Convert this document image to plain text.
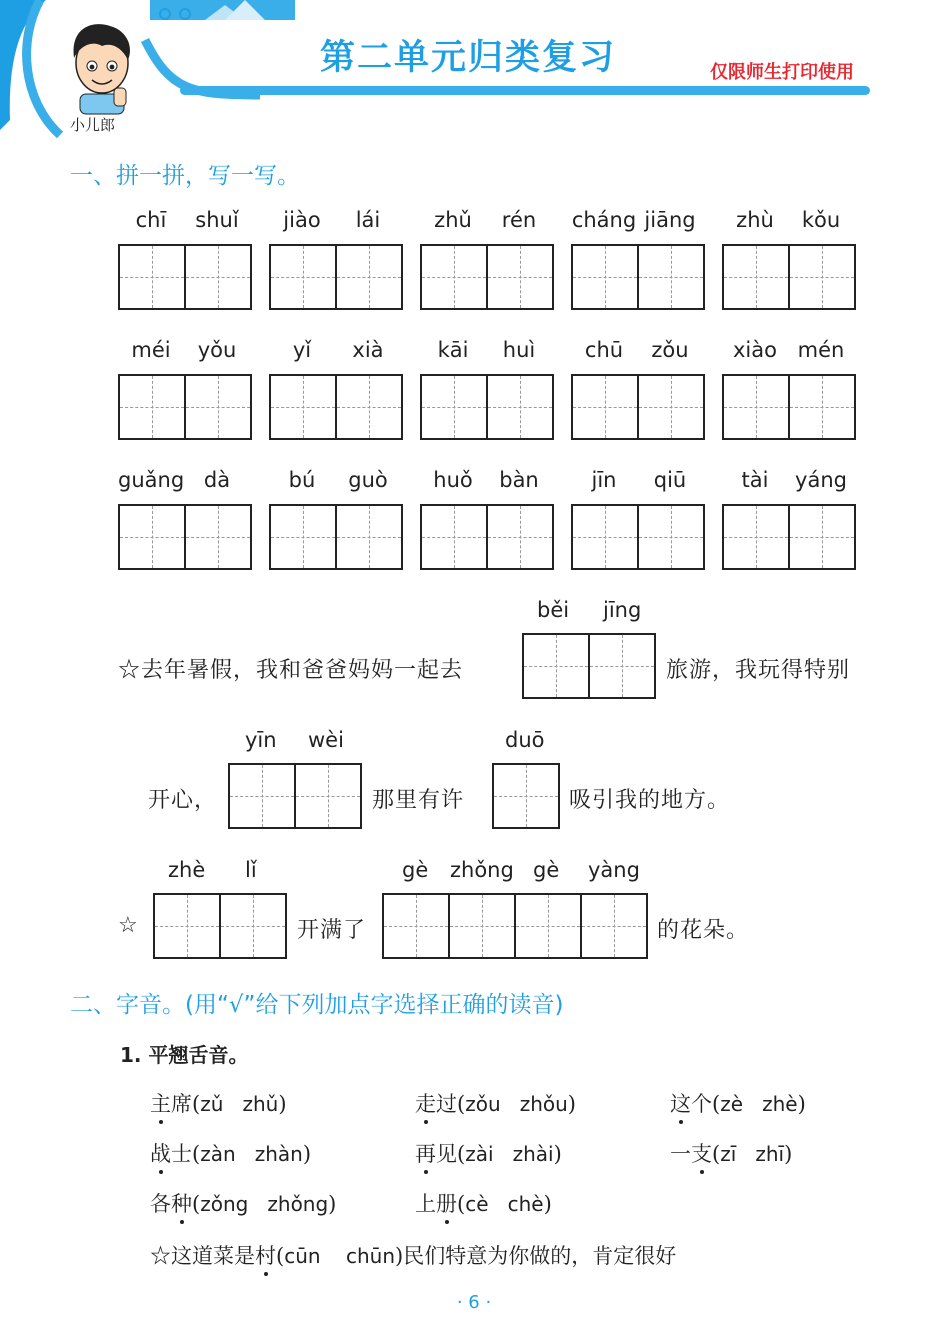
小儿郎
第二单元归类复习	仅限师生打印使用
一、拼一拼，写一写。
chī	shuǐ	jiào	lái	zhǔ	rén	cháng jiāng	zhù	kǒu
méi	yǒu	yǐ	xià	kāi	huì	chū	zǒu	xiào mén
guǎng dà	bú	guò	huǒ	bàn	jīn	qiū	tài	yáng
běi jīng
☆去年暑假，我和爸爸妈妈一起去	旅游，我玩得特别
yīn wèi	duō
开心，	那里有许	吸引我的地方。
zhè lǐ	gè zhǒng gè yàng
☆	开满了	的花朵。
二、字音。(用“√”给下列加点字选择正确的读音)
1. 平翘舌音。
主席(zǔ zhǔ)	走过(zǒu zhǒu)	这个(zè zhè)
战士(zàn zhàn)	再见(zài zhài)	一支(zī zhī)
各种(zǒng zhǒng)	上册(cè chè)
☆这道菜是村(cūn chūn)民们特意为你做的，肯定很好
· 6 ·
